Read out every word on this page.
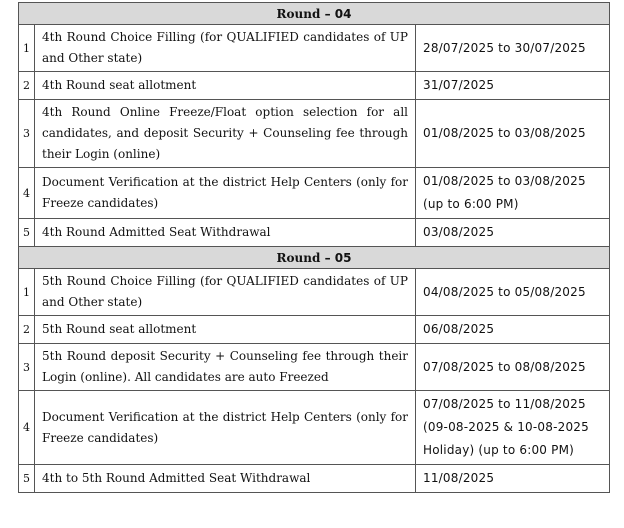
Round – 04		
1	4th Round Choice Filling (for QUALIFIED candidates of UP and Other state)	28/07/2025 to 30/07/2025
2	4th Round seat allotment	31/07/2025
3	4th Round Online Freeze/Float option selection for all candidates, and deposit Security + Counseling fee through their Login (online)	01/08/2025 to 03/08/2025
4	Document Verification at the district Help Centers (only for Freeze candidates)	01/08/2025 to 03/08/2025 (up to 6:00 PM)
5	4th Round Admitted Seat Withdrawal	03/08/2025
Round – 05		
1	5th Round Choice Filling (for QUALIFIED candidates of UP and Other state)	04/08/2025 to 05/08/2025
2	5th Round seat allotment	06/08/2025
3	5th Round deposit Security + Counseling fee through their Login (online). All candidates are auto Freezed	07/08/2025 to 08/08/2025
4	Document Verification at the district Help Centers (only for Freeze candidates)	07/08/2025 to 11/08/2025 (09-08-2025 & 10-08-2025 Holiday) (up to 6:00 PM)
5	4th to 5th Round Admitted Seat Withdrawal	11/08/2025
